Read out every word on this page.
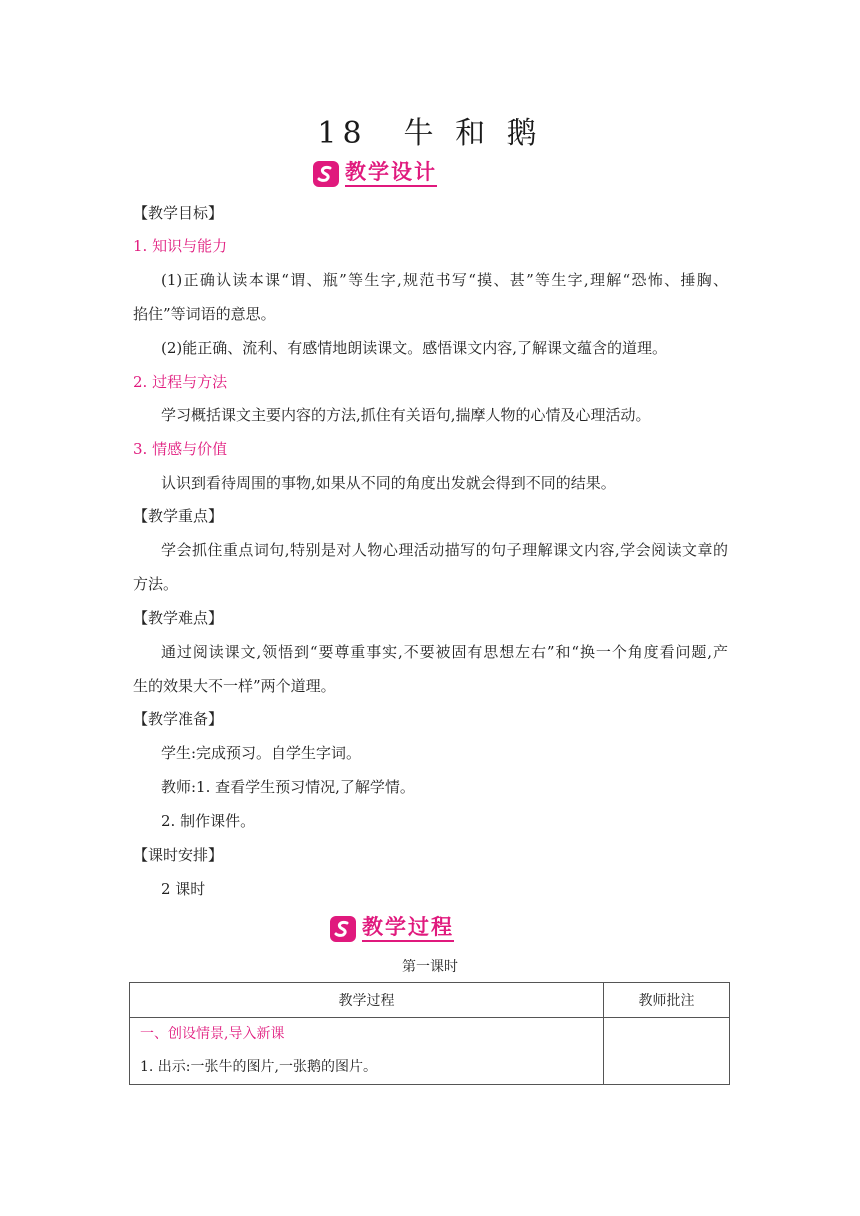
18　牛 和 鹅
教学设计
【教学目标】
1. 知识与能力
(1)正确认读本课“谓、瓶”等生字,规范书写“摸、甚”等生字,理解“恐怖、捶胸、
掐住”等词语的意思。
(2)能正确、流利、有感情地朗读课文。感悟课文内容,了解课文蕴含的道理。
2. 过程与方法
学习概括课文主要内容的方法,抓住有关语句,揣摩人物的心情及心理活动。
3. 情感与价值
认识到看待周围的事物,如果从不同的角度出发就会得到不同的结果。
【教学重点】
学会抓住重点词句,特别是对人物心理活动描写的句子理解课文内容,学会阅读文章的
方法。
【教学难点】
通过阅读课文,领悟到“要尊重事实,不要被固有思想左右”和“换一个角度看问题,产
生的效果大不一样”两个道理。
【教学准备】
学生:完成预习。自学生字词。
教师:1. 查看学生预习情况,了解学情。
2. 制作课件。
【课时安排】
2 课时
教学过程
第一课时
教学过程	教师批注

一、创设情景,导入新课
1. 出示:一张牛的图片,一张鹅的图片。	
